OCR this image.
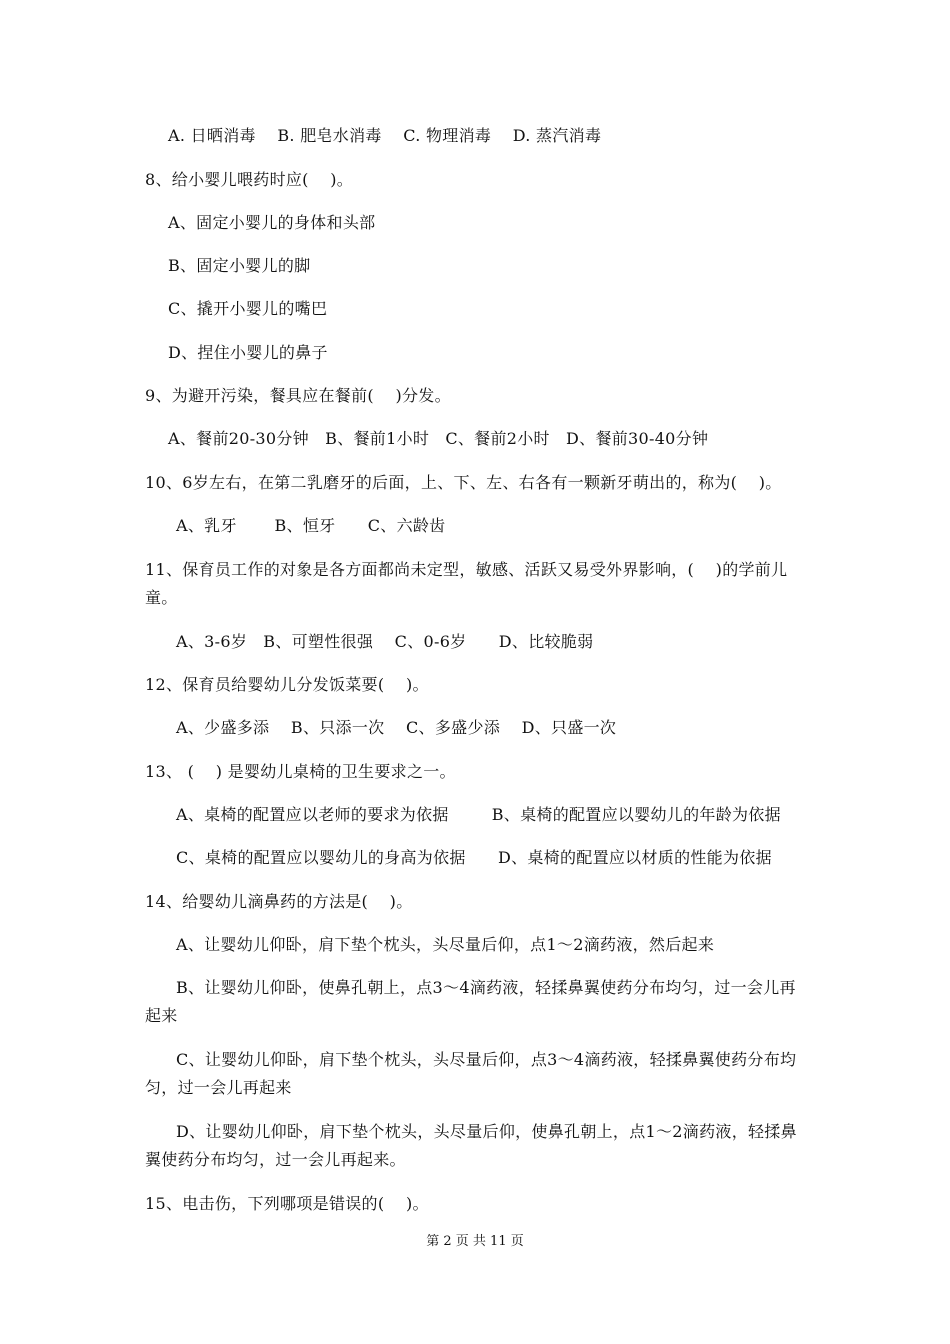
A. 日晒消毒    B. 肥皂水消毒    C. 物理消毒    D. 蒸汽消毒
8、给小婴儿喂药时应(    )。
A、固定小婴儿的身体和头部
B、固定小婴儿的脚
C、撬开小婴儿的嘴巴
D、捏住小婴儿的鼻子
9、为避开污染，餐具应在餐前(    )分发。
A、餐前20-30分钟   B、餐前1小时   C、餐前2小时   D、餐前30-40分钟
10、6岁左右，在第二乳磨牙的后面，上、下、左、右各有一颗新牙萌出的，称为(    )。
A、乳牙       B、恒牙      C、六龄齿
11、保育员工作的对象是各方面都尚未定型，敏感、活跃又易受外界影响，(    )的学前儿
童。
A、3-6岁   B、可塑性很强    C、0-6岁      D、比较脆弱
12、保育员给婴幼儿分发饭菜要(    )。
A、少盛多添    B、只添一次    C、多盛少添    D、只盛一次
13、 (    ) 是婴幼儿桌椅的卫生要求之一。
A、桌椅的配置应以老师的要求为依据        B、桌椅的配置应以婴幼儿的年龄为依据
C、桌椅的配置应以婴幼儿的身高为依据      D、桌椅的配置应以材质的性能为依据
14、给婴幼儿滴鼻药的方法是(    )。
A、让婴幼儿仰卧，肩下垫个枕头，头尽量后仰，点1～2滴药液，然后起来
B、让婴幼儿仰卧，使鼻孔朝上，点3～4滴药液，轻揉鼻翼使药分布均匀，过一会儿再
起来
C、让婴幼儿仰卧，肩下垫个枕头，头尽量后仰，点3～4滴药液，轻揉鼻翼使药分布均
匀，过一会儿再起来
D、让婴幼儿仰卧，肩下垫个枕头，头尽量后仰，使鼻孔朝上，点1～2滴药液，轻揉鼻
翼使药分布均匀，过一会儿再起来。
15、电击伤，下列哪项是错误的(    )。
第 2 页 共 11 页
